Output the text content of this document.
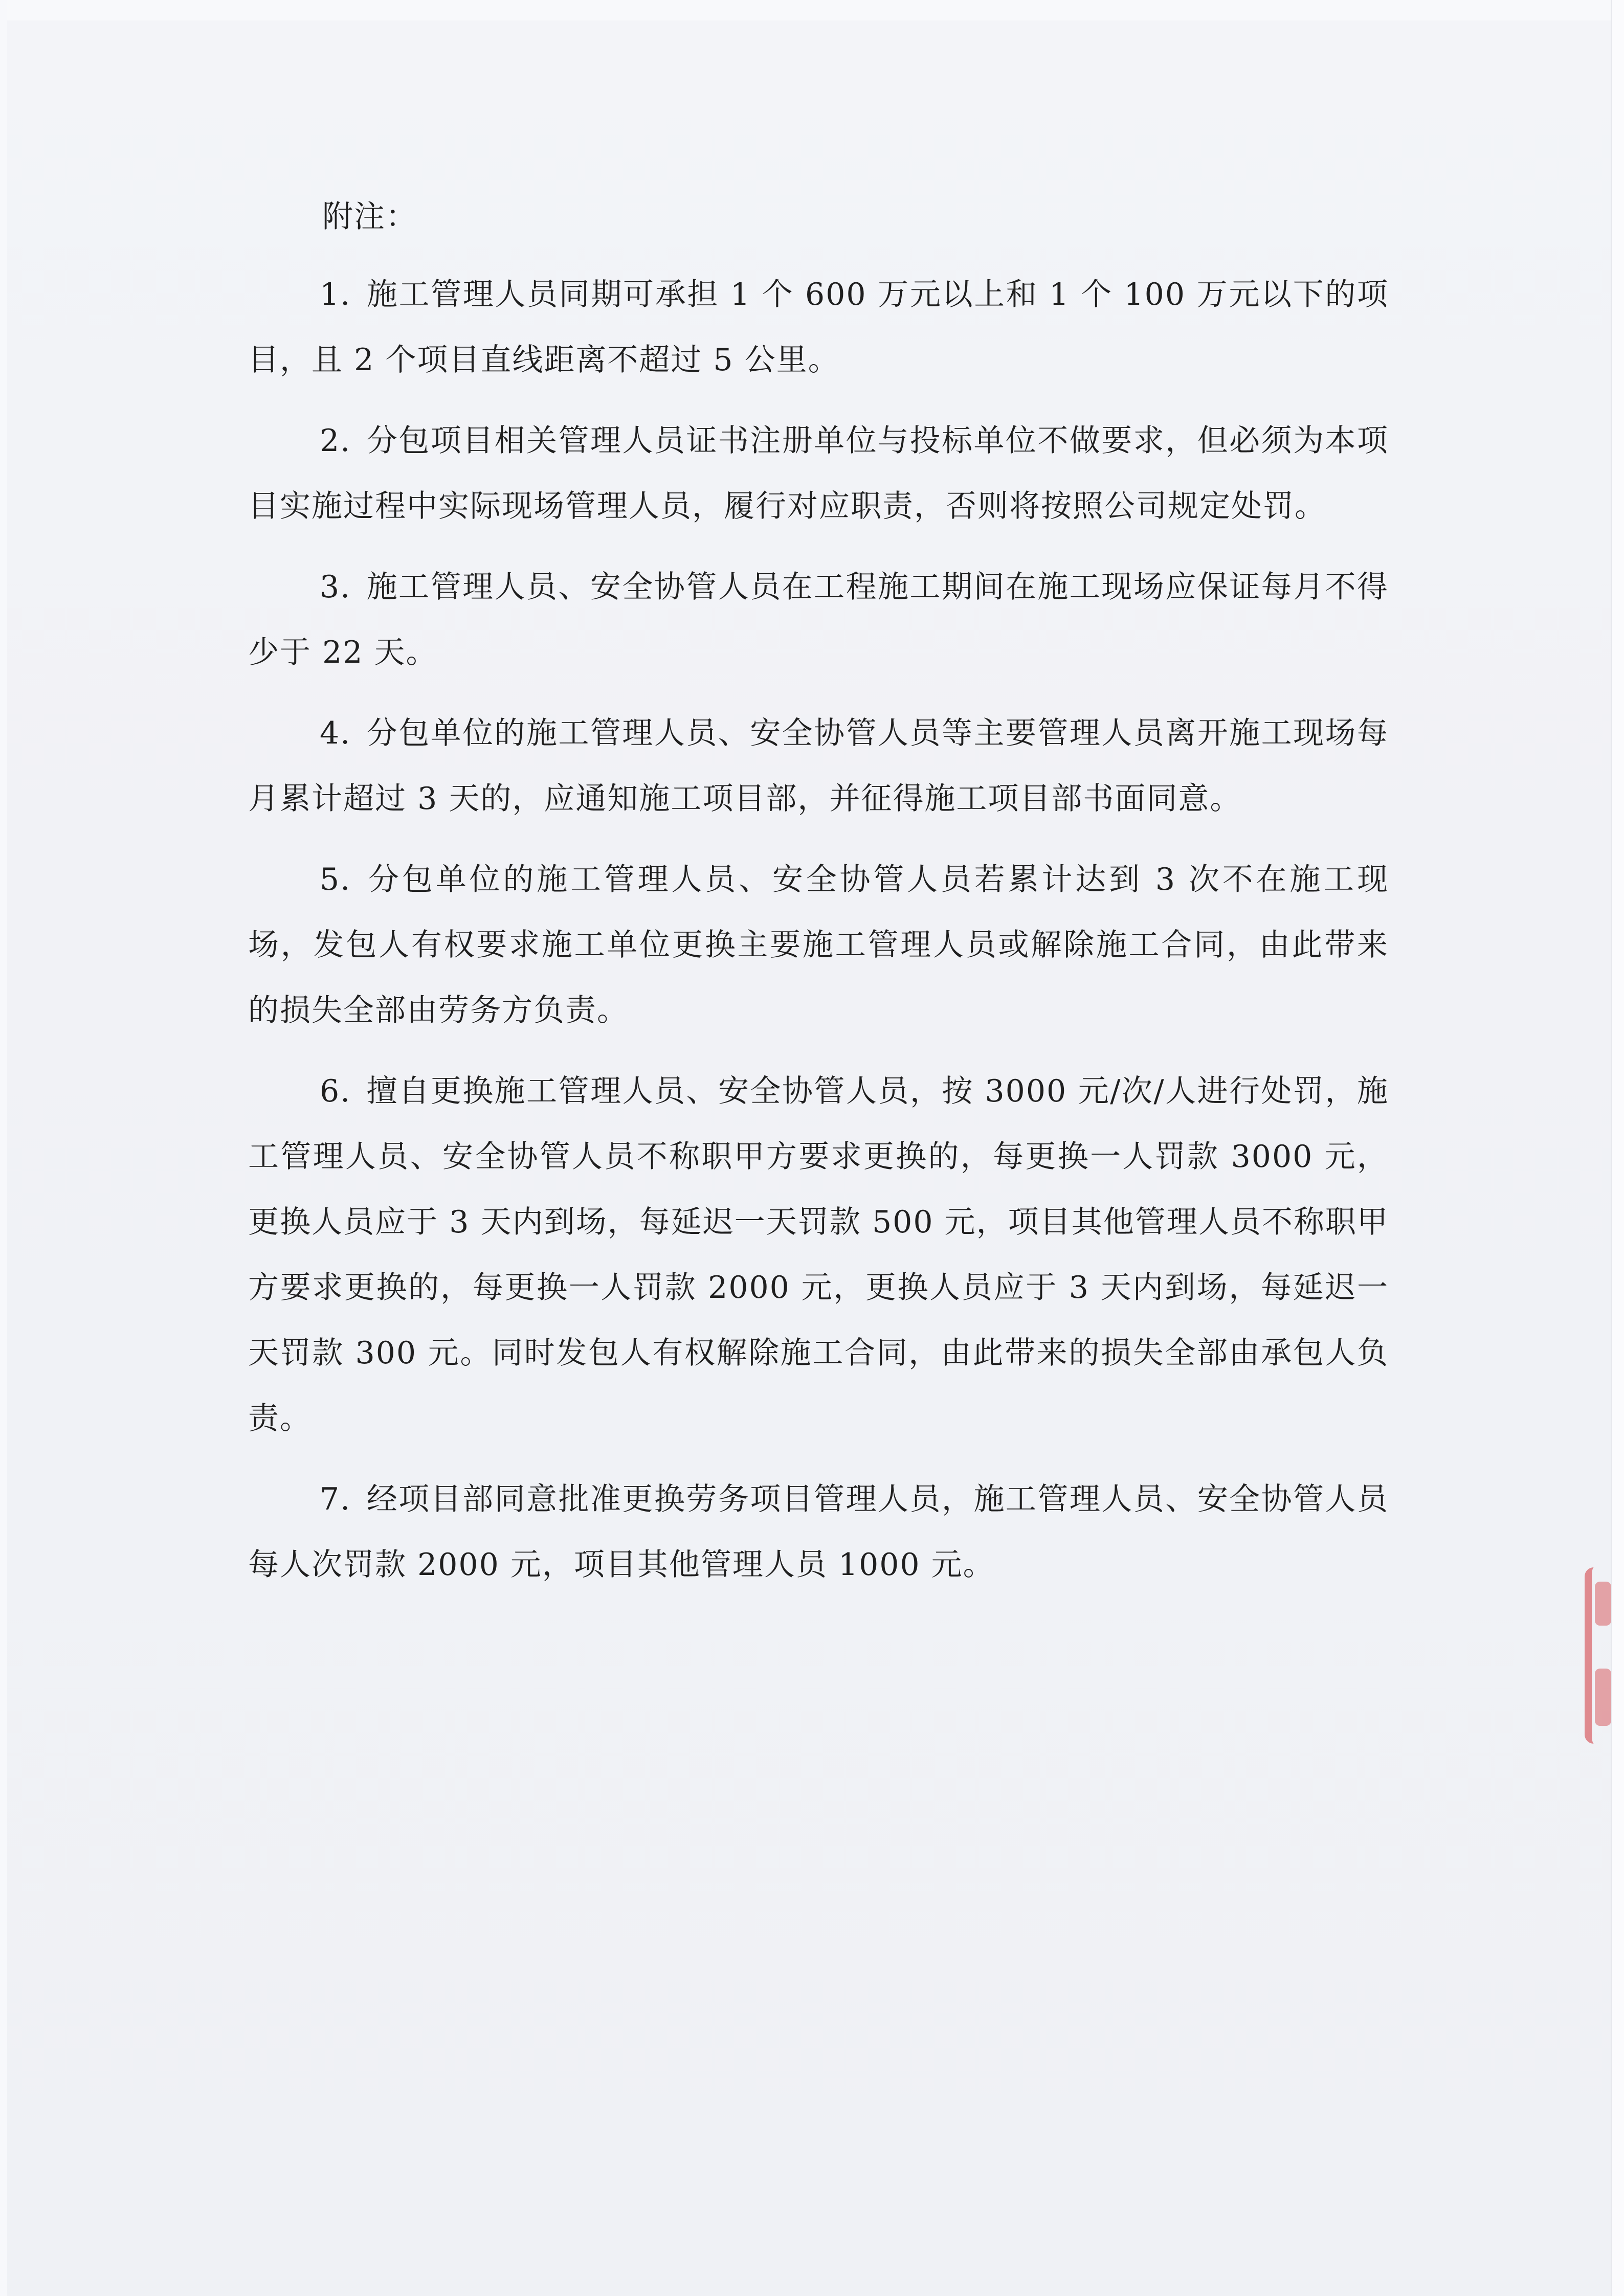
附注：
1. 施工管理人员同期可承担 1 个 600 万元以上和 1 个 100 万元以下的项目，且 2 个项目直线距离不超过 5 公里。
2. 分包项目相关管理人员证书注册单位与投标单位不做要求，但必须为本项目实施过程中实际现场管理人员，履行对应职责，否则将按照公司规定处罚。
3. 施工管理人员、安全协管人员在工程施工期间在施工现场应保证每月不得少于 22 天。
4. 分包单位的施工管理人员、安全协管人员等主要管理人员离开施工现场每月累计超过 3 天的，应通知施工项目部，并征得施工项目部书面同意。
5. 分包单位的施工管理人员、安全协管人员若累计达到 3 次不在施工现场，发包人有权要求施工单位更换主要施工管理人员或解除施工合同，由此带来的损失全部由劳务方负责。
6. 擅自更换施工管理人员、安全协管人员，按 3000 元/次/人进行处罚，施工管理人员、安全协管人员不称职甲方要求更换的，每更换一人罚款 3000 元，更换人员应于 3 天内到场，每延迟一天罚款 500 元，项目其他管理人员不称职甲方要求更换的，每更换一人罚款 2000 元，更换人员应于 3 天内到场，每延迟一天罚款 300 元。同时发包人有权解除施工合同，由此带来的损失全部由承包人负责。
7. 经项目部同意批准更换劳务项目管理人员，施工管理人员、安全协管人员每人次罚款 2000 元，项目其他管理人员 1000 元。
